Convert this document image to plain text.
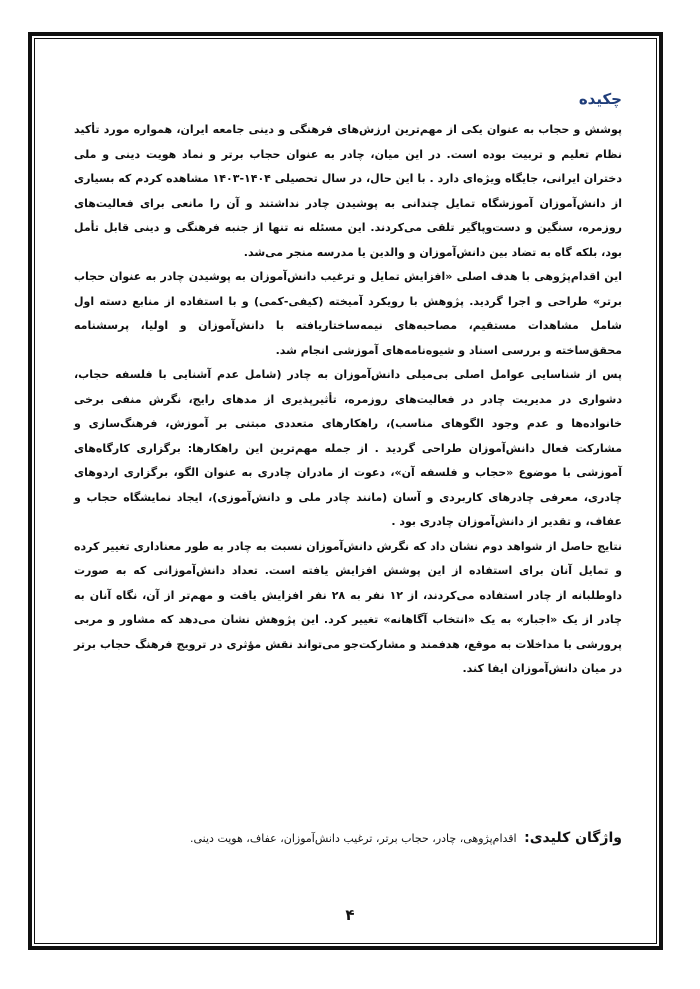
چکیده

پوشش و حجاب به عنوان یکی از مهم‌ترین ارزش‌های فرهنگی و دینی جامعه ایران، همواره مورد تأکید نظام تعلیم و تربیت بوده است. در این میان، چادر به عنوان حجاب برتر و نماد هویت دینی و ملی دختران ایرانی، جایگاه ویژه‌ای دارد . با این حال، در سال تحصیلی ۱۴۰۴-۱۴۰۳ مشاهده کردم که بسیاری از دانش‌آموزان آموزشگاه تمایل چندانی به پوشیدن چادر نداشتند و آن را مانعی برای فعالیت‌های روزمره، سنگین و دست‌وپاگیر تلقی می‌کردند. این مسئله نه تنها از جنبه فرهنگی و دینی قابل تأمل بود، بلکه گاه به تضاد بین دانش‌آموزان و والدین یا مدرسه منجر می‌شد.

این اقدام‌پژوهی با هدف اصلی «افزایش تمایل و ترغیب دانش‌آموزان به پوشیدن چادر به عنوان حجاب برتر» طراحی و اجرا گردید. پژوهش با رویکرد آمیخته (کیفی-کمی) و با استفاده از منابع دسته اول شامل مشاهدات مستقیم، مصاحبه‌های نیمه‌ساختاریافته با دانش‌آموزان و اولیا، پرسشنامه محقق‌ساخته و بررسی اسناد و شیوه‌نامه‌های آموزشی انجام شد.

پس از شناسایی عوامل اصلی بی‌میلی دانش‌آموزان به چادر (شامل عدم آشنایی با فلسفه حجاب، دشواری در مدیریت چادر در فعالیت‌های روزمره، تأثیرپذیری از مدهای رایج، نگرش منفی برخی خانواده‌ها و عدم وجود الگوهای مناسب)، راهکارهای متعددی مبتنی بر آموزش، فرهنگ‌سازی و مشارکت فعال دانش‌آموزان طراحی گردید . از جمله مهم‌ترین این راهکارها: برگزاری کارگاه‌های آموزشی با موضوع «حجاب و فلسفه آن»، دعوت از مادران چادری به عنوان الگو، برگزاری اردوهای چادری، معرفی چادرهای کاربردی و آسان (مانند چادر ملی و دانش‌آموزی)، ایجاد نمایشگاه حجاب و عفاف، و تقدیر از دانش‌آموزان چادری بود .

نتایج حاصل از شواهد دوم نشان داد که نگرش دانش‌آموزان نسبت به چادر به طور معناداری تغییر کرده و تمایل آنان برای استفاده از این پوشش افزایش یافته است. تعداد دانش‌آموزانی که به صورت داوطلبانه از چادر استفاده می‌کردند، از ۱۲ نفر به ۲۸ نفر افزایش یافت و مهم‌تر از آن، نگاه آنان به چادر از یک «اجبار» به یک «انتخاب آگاهانه» تغییر کرد. این پژوهش نشان می‌دهد که مشاور و مربی پرورشی با مداخلات به موقع، هدفمند و مشارکت‌جو می‌تواند نقش مؤثری در ترویج فرهنگ حجاب برتر در میان دانش‌آموزان ایفا کند.

واژگان کلیدی: اقدام‌پژوهی، چادر، حجاب برتر، ترغیب دانش‌آموزان، عفاف، هویت دینی.
۴
